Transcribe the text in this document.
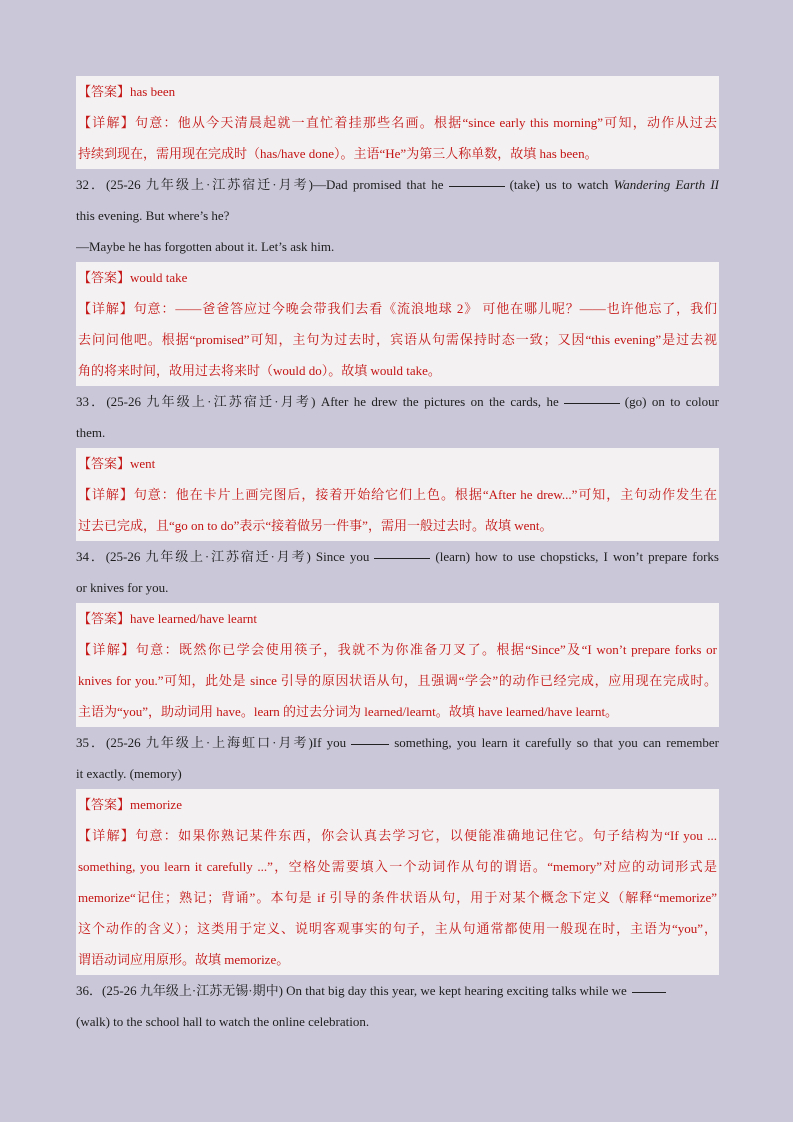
【答案】has been
【详解】句意：他从今天清晨起就一直忙着挂那些名画。根据“since early this morning”可知，动作从过去
持续到现在，需用现在完成时（has/have done）。主语“He”为第三人称单数，故填 has been。
32．(25-26 九年级上·江苏宿迁·月考)—Dad promised that he	(take) us to watch Wandering Earth II
this evening. But where’s he?
—Maybe he has forgotten about it. Let’s ask him.
【答案】would take
【详解】句意：——爸爸答应过今晚会带我们去看《流浪地球 2》 可他在哪儿呢？——也许他忘了，我们
去问问他吧。根据“promised”可知，主句为过去时，宾语从句需保持时态一致；又因“this evening”是过去视
角的将来时间，故用过去将来时（would do）。故填 would take。
33．(25-26 九年级上·江苏宿迁·月考) After he drew the pictures on the cards, he	(go) on to colour
them.
【答案】went
【详解】句意：他在卡片上画完图后，接着开始给它们上色。根据“After he drew...”可知，主句动作发生在
过去已完成，且“go on to do”表示“接着做另一件事”，需用一般过去时。故填 went。
34．(25-26 九年级上·江苏宿迁·月考) Since you	(learn) how to use chopsticks, I won’t prepare forks
or knives for you.
【答案】have learned/have learnt
【详解】句意：既然你已学会使用筷子，我就不为你准备刀叉了。根据“Since”及“I won’t prepare forks or
knives for you.”可知，此处是 since 引导的原因状语从句，且强调“学会”的动作已经完成，应用现在完成时。
主语为“you”，助动词用 have。learn 的过去分词为 learned/learnt。故填 have learned/have learnt。
35．(25-26 九年级上·上海虹口·月考)If you	something, you learn it carefully so that you can remember
it exactly. (memory)
【答案】memorize
【详解】句意：如果你熟记某件东西，你会认真去学习它，以便能准确地记住它。句子结构为“If you ...
something, you learn it carefully ...”，空格处需要填入一个动词作从句的谓语。“memory”对应的动词形式是
memorize“记住；熟记；背诵”。本句是 if 引导的条件状语从句，用于对某个概念下定义（解释“memorize”
这个动作的含义）；这类用于定义、说明客观事实的句子，主从句通常都使用一般现在时，主语为“you”，
谓语动词应用原形。故填 memorize。
36．(25-26 九年级上·江苏无锡·期中) On that big day this year, we kept hearing exciting talks while we
(walk) to the school hall to watch the online celebration.
